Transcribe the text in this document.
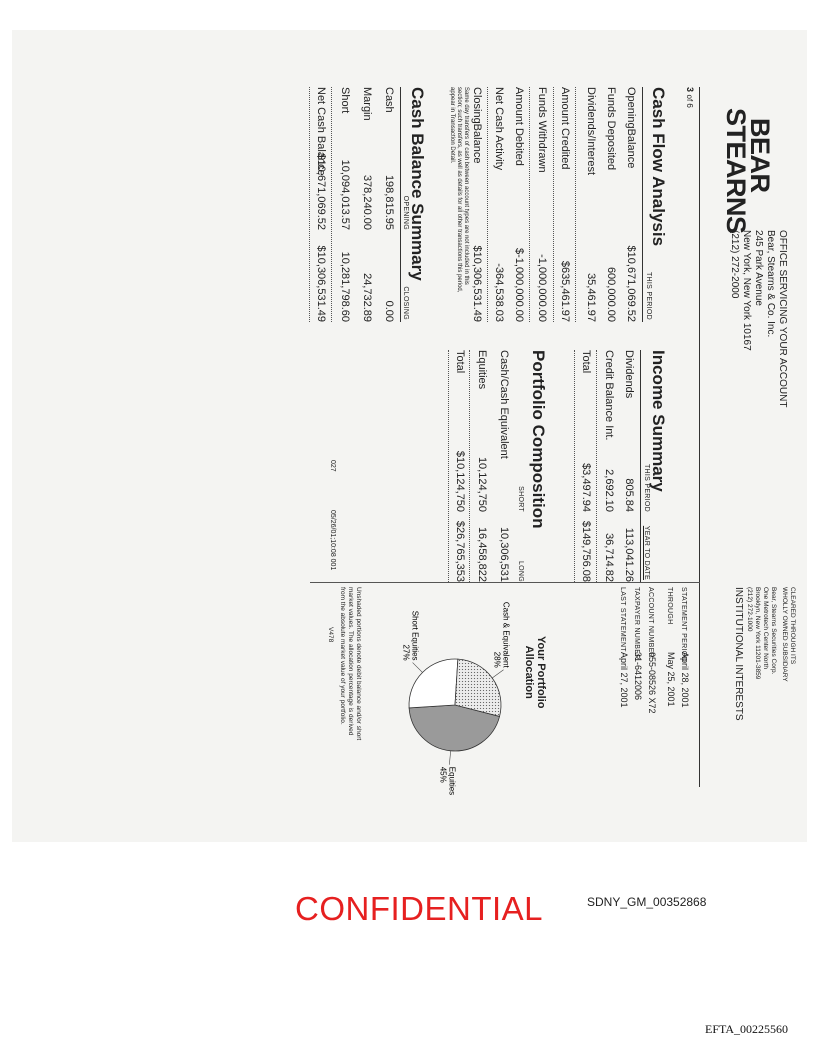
BEAR
STEARNS
OFFICE SERVICING YOUR ACCOUNT
Bear, Stearns & Co. Inc.
245 Park Avenue
New York, New York 10167
(212) 272-2000
3 of 6
CLEARED THROUGH ITS
WHOLLY OWNED SUBSIDIARY
Bear, Stearns Securities Corp.
One Metrotech Center North
Brooklyn, New York 11201-3859
(212) 272-1000
INSTITUTIONAL INTERESTS
STATEMENT PERIODApril 28, 2001
THROUGHMay 25, 2001
ACCOUNT NUMBER055-08526 X72
TAXPAYER NUMBER31-6412006
LAST STATEMENTApril 27, 2001
Cash Flow Analysis
THIS PERIOD
OpeningBalance
$10,671,069.52
Funds Deposited
600,000.00
Dividends/Interest
35,461.97
Amount Credited
$635,461.97
Funds Withdrawn
-1,000,000.00
Amount Debited
$-1,000,000.00
Net Cash Activity
-364,538.03
ClosingBalance
$10,306,531.49
Same day transfers of cash between account types are not included in this
section; such transfers, as well as details for all other transactions this period,
appear in Transaction Detail.
Cash Balance Summary
OPENING
CLOSING
Cash
198,815.95
0.00
Margin
378,240.00
24,732.89
Short
10,094,013.57
10,281,798.60
Net Cash Balance
$10,671,069.52
$10,306,531.49
Income Summary
THIS PERIOD
YEAR TO DATE
Dividends
805.84
113,041.26
Credit Balance Int.
2,692.10
36,714.82
Total
$3,497.94
$149,756.08
Portfolio Composition
SHORT
LONG
Cash/Cash Equivalent
10,306,531
Equities
10,124,750
16,458,822
Total
$10,124,750
$26,765,353
Your Portfolio
Allocation
Equities
45%
Short Equities
27%	Cash & Equivalent
28%
Unshaded portions denote debit balance and/or short
market values. The allocation percentage is derived
from the absolute market value of your portfolio.
V478
027
05/26/01;10:08 001
CONFIDENTIAL	SDNY_GM_00352868
EFTA_00225560
